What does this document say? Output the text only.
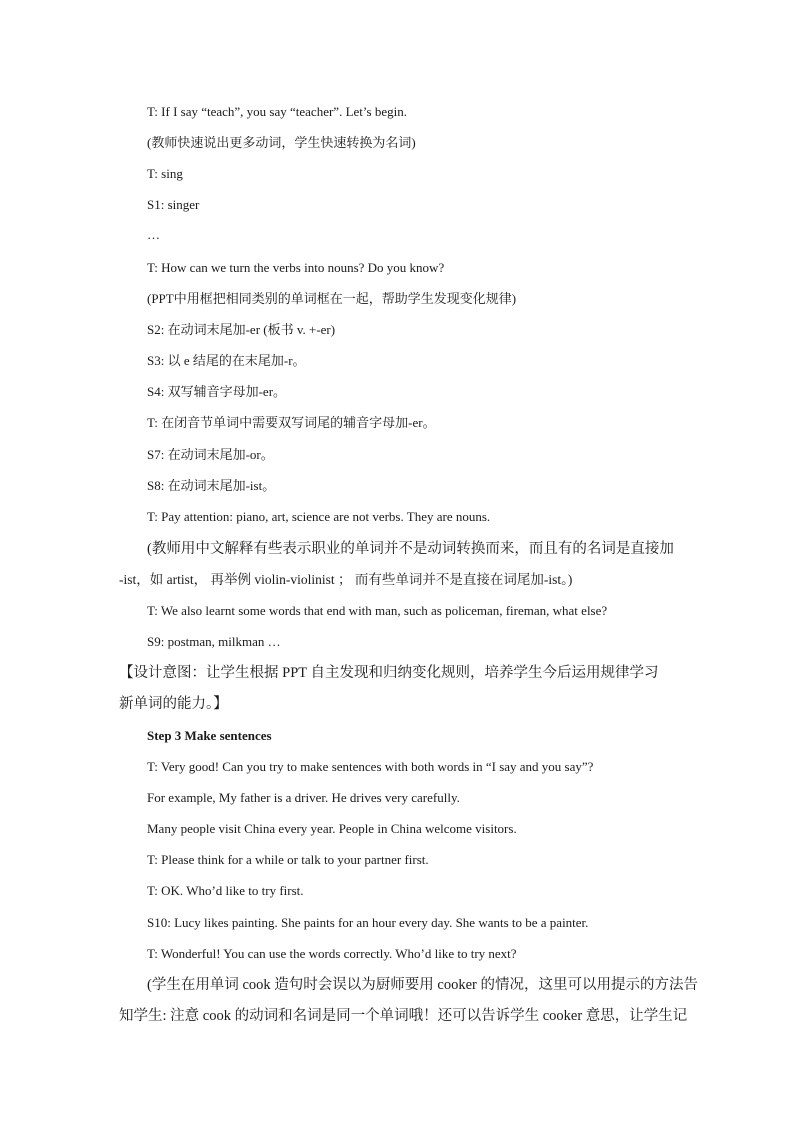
T: If I say “teach”, you say “teacher”. Let’s begin.
(教师快速说出更多动词，学生快速转换为名词)
T: sing
S1: singer
…
T: How can we turn the verbs into nouns? Do you know?
(PPT中用框把相同类别的单词框在一起，帮助学生发现变化规律)
S2: 在动词末尾加-er (板书 v. +-er)
S3: 以 e 结尾的在末尾加-r。
S4: 双写辅音字母加-er。
T: 在闭音节单词中需要双写词尾的辅音字母加-er。
S7: 在动词末尾加-or。
S8: 在动词末尾加-ist。
T: Pay attention: piano, art, science are not verbs. They are nouns.
(教师用中文解释有些表示职业的单词并不是动词转换而来，而且有的名词是直接加
-ist，如 artist， 再举例 violin-violinist ； 而有些单词并不是直接在词尾加-ist。)
T: We also learnt some words that end with man, such as policeman, fireman, what else?
S9: postman, milkman …
【设计意图：让学生根据 PPT 自主发现和归纳变化规则，培养学生今后运用规律学习
新单词的能力。】
Step 3 Make sentences
T: Very good! Can you try to make sentences with both words in “I say and you say”?
For example, My father is a driver. He drives very carefully.
Many people visit China every year. People in China welcome visitors.
T: Please think for a while or talk to your partner first.
T: OK. Who’d like to try first.
S10: Lucy likes painting. She paints for an hour every day. She wants to be a painter.
T: Wonderful! You can use the words correctly. Who’d like to try next?
(学生在用单词 cook 造句时会误以为厨师要用 cooker 的情况，这里可以用提示的方法告
知学生: 注意 cook 的动词和名词是同一个单词哦！还可以告诉学生 cooker 意思，让学生记
